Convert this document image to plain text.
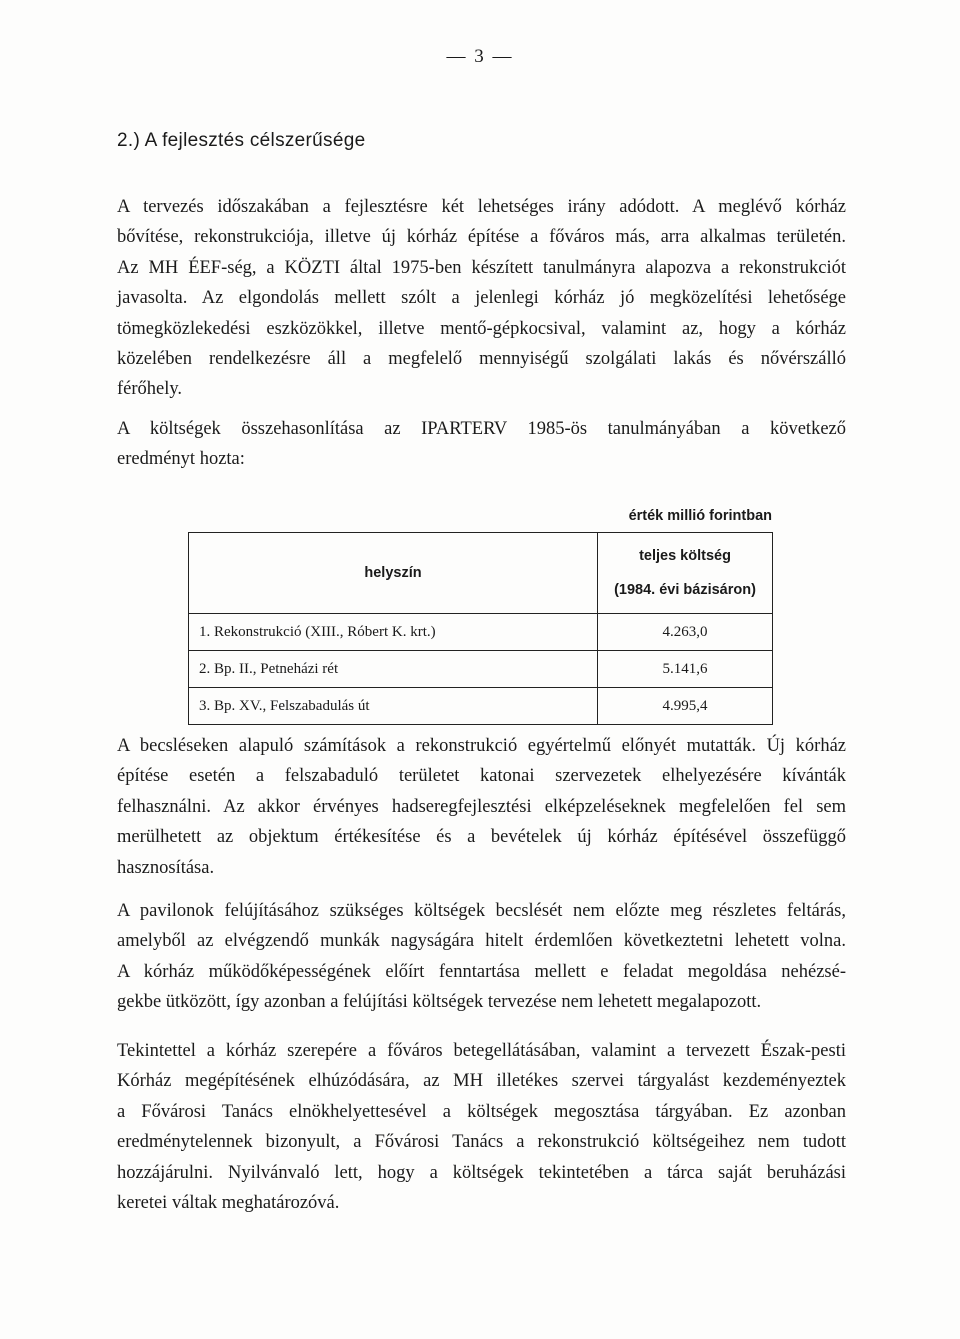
— 3 —
2.) A fejlesztés célszerűsége

A tervezés időszakában a fejlesztésre két lehetséges irány adódott. A meglévő kórház
bővítése, rekonstrukciója, illetve új kórház építése a főváros más, arra alkalmas területén.
Az MH ÉEF-ség, a KÖZTI által 1975-ben készített tanulmányra alapozva a rekonstrukciót
javasolta. Az elgondolás mellett szólt a jelenlegi kórház jó megközelítési lehetősége
tömegközlekedési eszközökkel, illetve mentő-gépkocsival, valamint az, hogy a kórház
közelében rendelkezésre áll a megfelelő mennyiségű szolgálati lakás és nővérszálló
férőhely.

A költségek összehasonlítása az IPARTERV 1985-ös tanulmányában a következő
eredményt hozta:

érték millió forintban
helyszín	teljes költség
(1984. évi bázisáron)

1. Rekonstrukció (XIII., Róbert K. krt.)	4.263,0
2. Bp. II., Petneházi rét	5.141,6
3. Bp. XV., Felszabadulás út	4.995,4

A becsléseken alapuló számítások a rekonstrukció egyértelmű előnyét mutatták. Új kórház
építése esetén a felszabaduló területet katonai szervezetek elhelyezésére kívánták
felhasználni. Az akkor érvényes hadseregfejlesztési elképzeléseknek megfelelően fel sem
merülhetett az objektum értékesítése és a bevételek új kórház építésével összefüggő
hasznosítása.

A pavilonok felújításához szükséges költségek becslését nem előzte meg részletes feltárás,
amelyből az elvégzendő munkák nagyságára hitelt érdemlően következtetni lehetett volna.
A kórház működőképességének előírt fenntartása mellett e feladat megoldása nehézsé-
gekbe ütközött, így azonban a felújítási költségek tervezése nem lehetett megalapozott.

Tekintettel a kórház szerepére a főváros betegellátásában, valamint a tervezett Észak-pesti
Kórház megépítésének elhúzódására, az MH illetékes szervei tárgyalást kezdeményeztek
a Fővárosi Tanács elnökhelyettesével a költségek megosztása tárgyában. Ez azonban
eredménytelennek bizonyult, a Fővárosi Tanács a rekonstrukció költségeihez nem tudott
hozzájárulni. Nyilvánvaló lett, hogy a költségek tekintetében a tárca saját beruházási
keretei váltak meghatározóvá.
